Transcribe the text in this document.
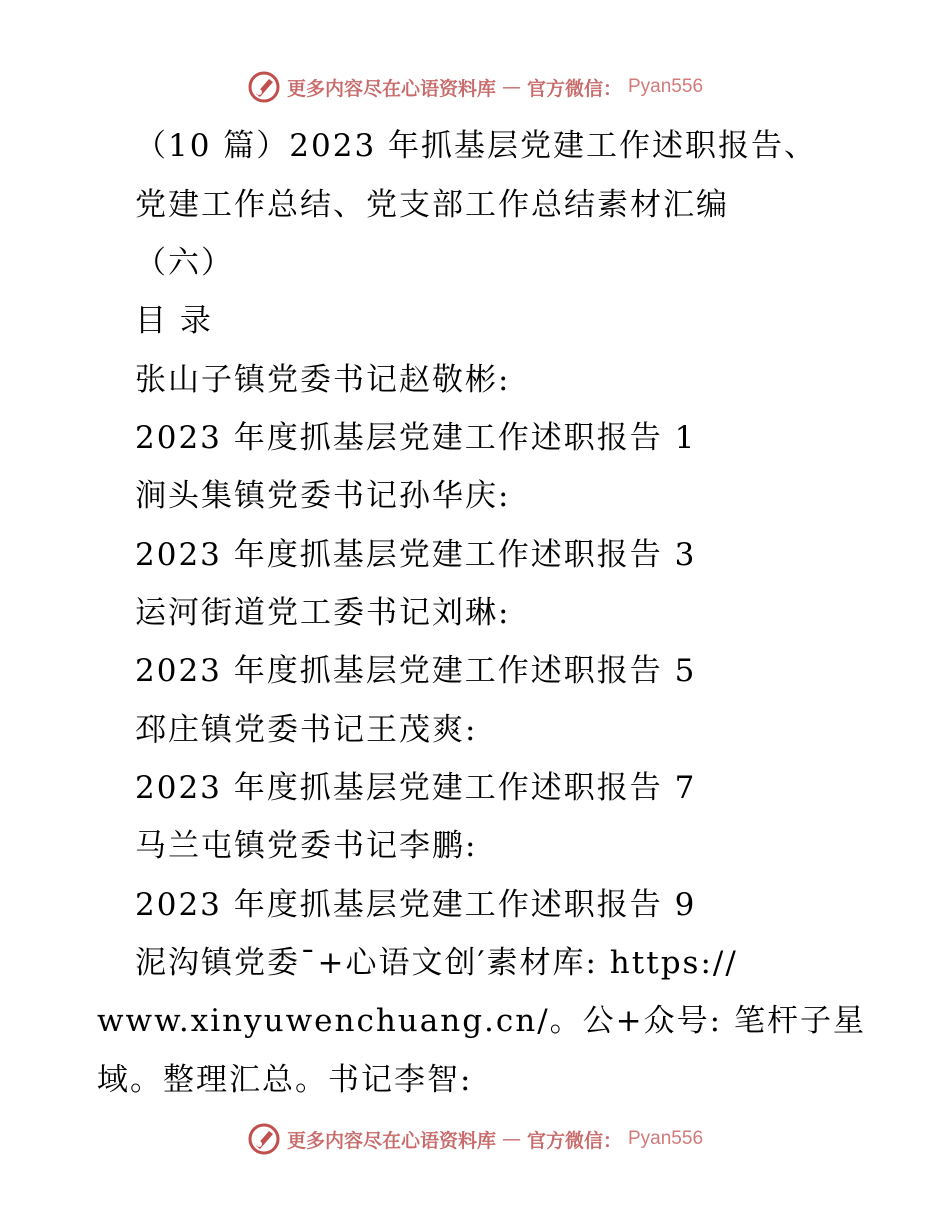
更多内容尽在心语资料库 — 官方微信： Pyan556
（10 篇）2023 年抓基层党建工作述职报告、
党建工作总结、党支部工作总结素材汇编
（六）
目 录
张山子镇党委书记赵敬彬:
2023 年度抓基层党建工作述职报告 1
涧头集镇党委书记孙华庆:
2023 年度抓基层党建工作述职报告 3
运河街道党工委书记刘琳:
2023 年度抓基层党建工作述职报告 5
邳庄镇党委书记王茂爽:
2023 年度抓基层党建工作述职报告 7
马兰屯镇党委书记李鹏:
2023 年度抓基层党建工作述职报告 9
泥沟镇党委¯+心语文创′素材库: https://
www.xinyuwenchuang.cn/。公+众号: 笔杆子星
域。整理汇总。书记李智:
更多内容尽在心语资料库 — 官方微信： Pyan556
